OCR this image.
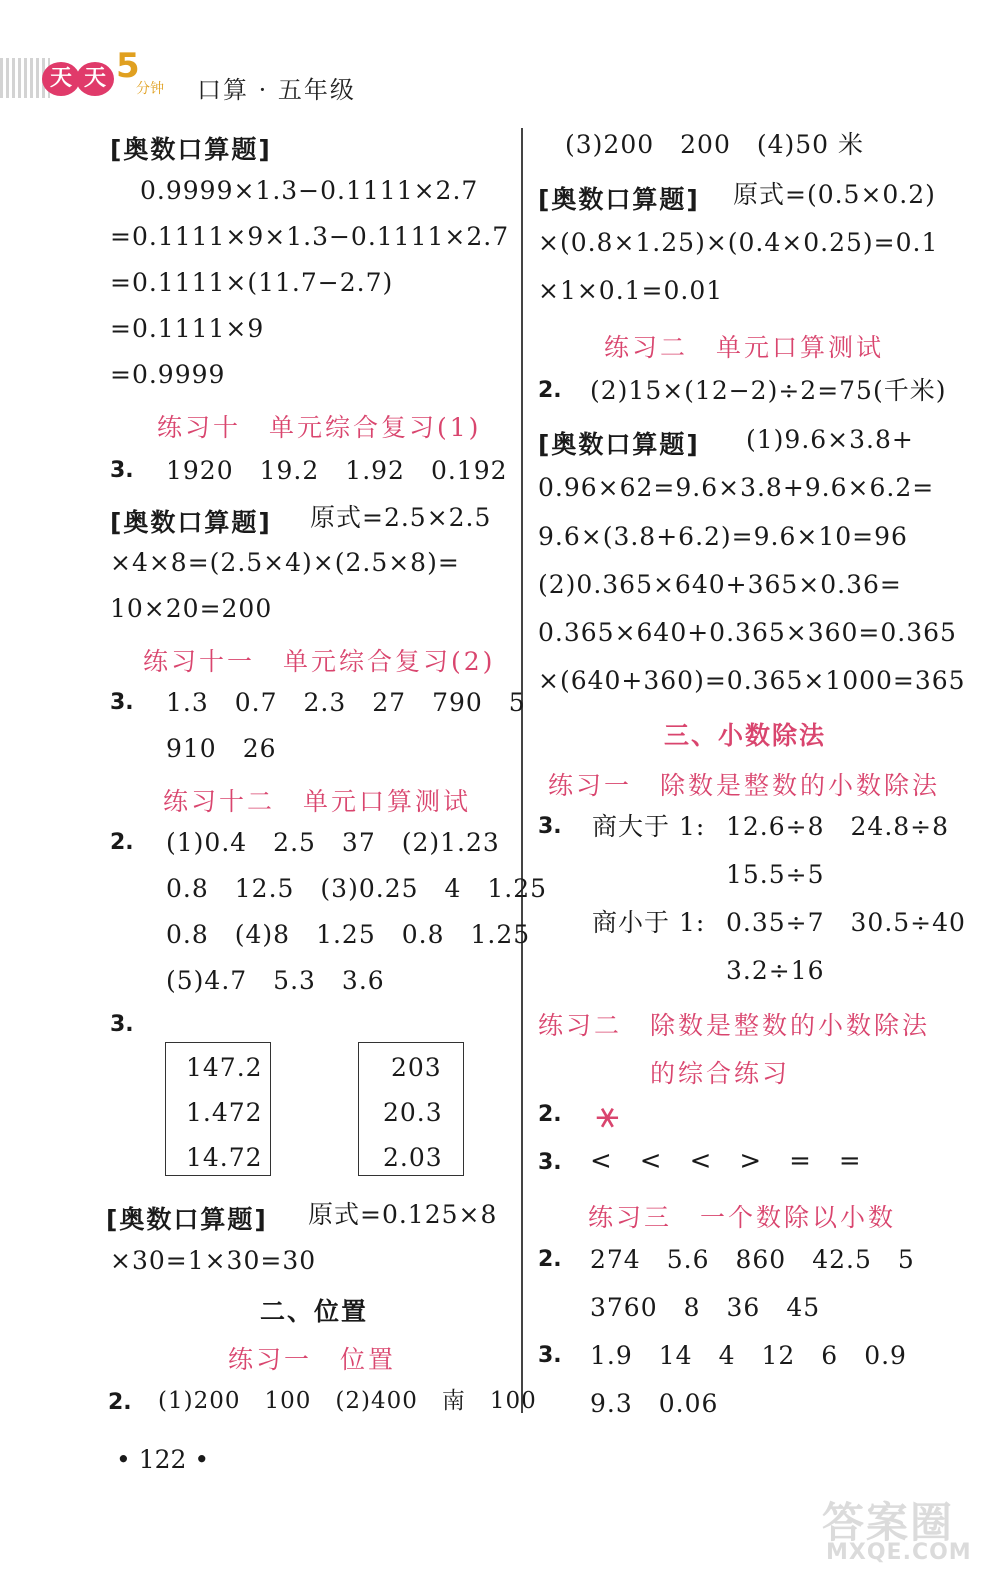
天 天 5
分钟 口算 · 五年级
[奥数口算题]
0.9999×1.3−0.1111×2.7
=0.1111×9×1.3−0.1111×2.7
=0.1111×(11.7−2.7)
=0.1111×9
=0.9999
练习十　单元综合复习(1)
3. 1920　19.2　1.92　0.192
[奥数口算题] 原式=2.5×2.5
×4×8=(2.5×4)×(2.5×8)=
10×20=200
练习十一　单元综合复习(2)
3. 1.3　0.7　2.3　27　790　5
910　26
练习十二　单元口算测试
2. (1)0.4　2.5　37　(2)1.23
0.8　12.5　(3)0.25　4　1.25
0.8　(4)8　1.25　0.8　1.25
(5)4.7　5.3　3.6
3.
147.2
1.472
14.72
203
20.3
2.03
[奥数口算题] 原式=0.125×8
×30=1×30=30
二、位置
练习一　位置
2. (1)200　100　(2)400　南　100
(3)200　200　(4)50 米
[奥数口算题] 原式=(0.5×0.2)
×(0.8×1.25)×(0.4×0.25)=0.1
×1×0.1=0.01
练习二　单元口算测试
2. (2)15×(12−2)÷2=75(千米)
[奥数口算题] (1)9.6×3.8+
0.96×62=9.6×3.8+9.6×6.2=
9.6×(3.8+6.2)=9.6×10=96
(2)0.365×640+365×0.36=
0.365×640+0.365×360=0.365
×(640+360)=0.365×1000=365
三、小数除法
练习一　除数是整数的小数除法
3. 商大于 1: 12.6÷8　24.8÷8
15.5÷5
商小于 1: 0.35÷7　30.5÷40
3.2÷16
练习二　除数是整数的小数除法
的综合练习
2. ⚹
3. <　<　<　>　=　=
练习三　一个数除以小数
2. 274　5.6　860　42.5　5
3760　8　36　45
3. 1.9　14　4　12　6　0.9
9.3　0.06
• 122 •
答案圈
MXQE.COM
